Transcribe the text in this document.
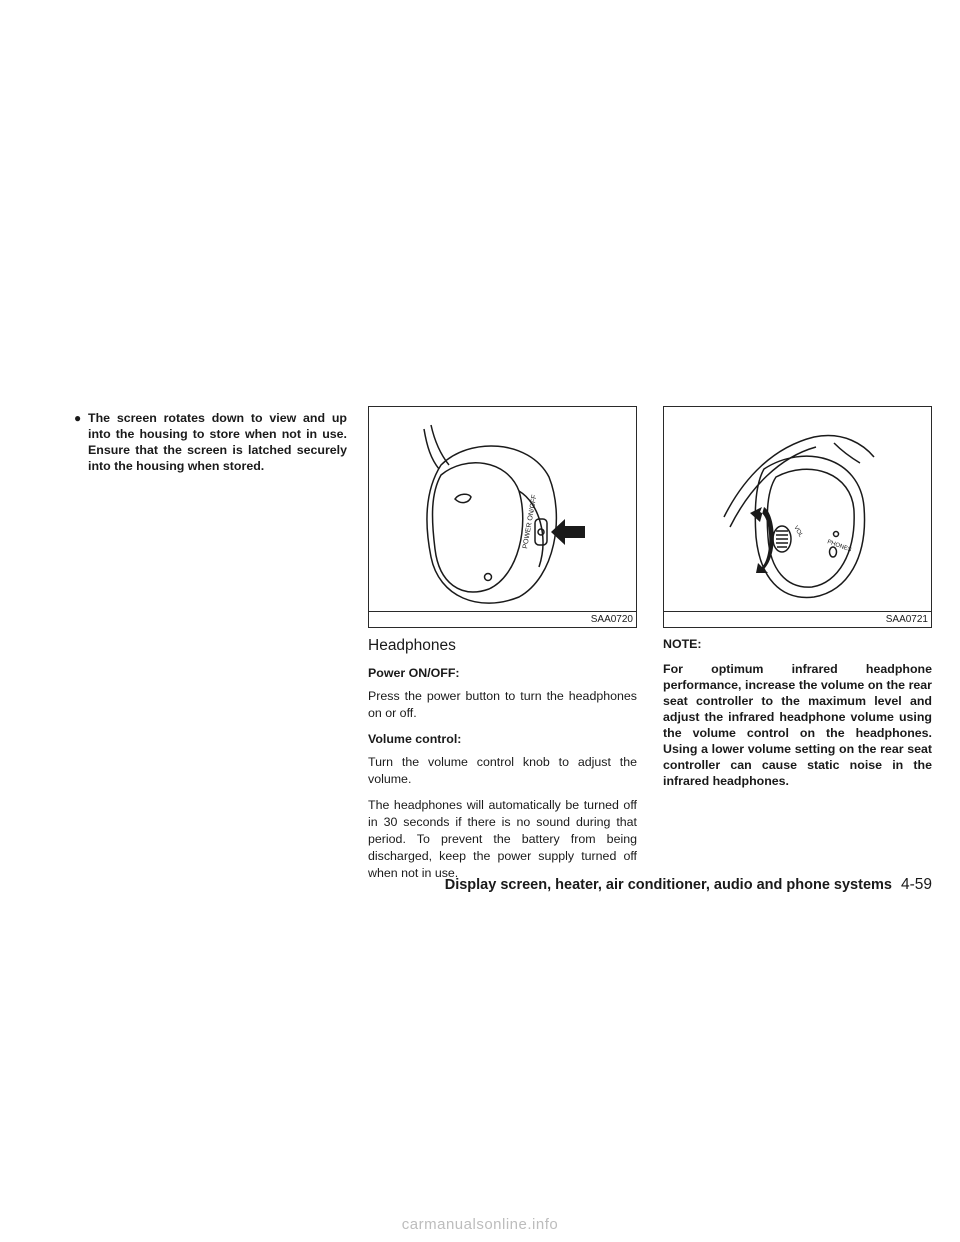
● The screen rotates down to view and up into the housing to store when not in use. Ensure that the screen is latched securely into the housing when stored.

POWER ON/OFF
SAA0720
VOL
PHONES
SAA0721
Headphones
Power ON/OFF:

Press the power button to turn the headphones on or off.

Volume control:

Turn the volume control knob to adjust the volume.

The headphones will automatically be turned off in 30 seconds if there is no sound during that period. To prevent the battery from being discharged, keep the power supply turned off when not in use.

NOTE:

For optimum infrared headphone performance, increase the volume on the rear seat controller to the maximum level and adjust the infrared headphone volume using the volume control on the headphones. Using a lower volume setting on the rear seat controller can cause static noise in the infrared headphones.

Display screen, heater, air conditioner, audio and phone systems 4-59
carmanualsonline.info
